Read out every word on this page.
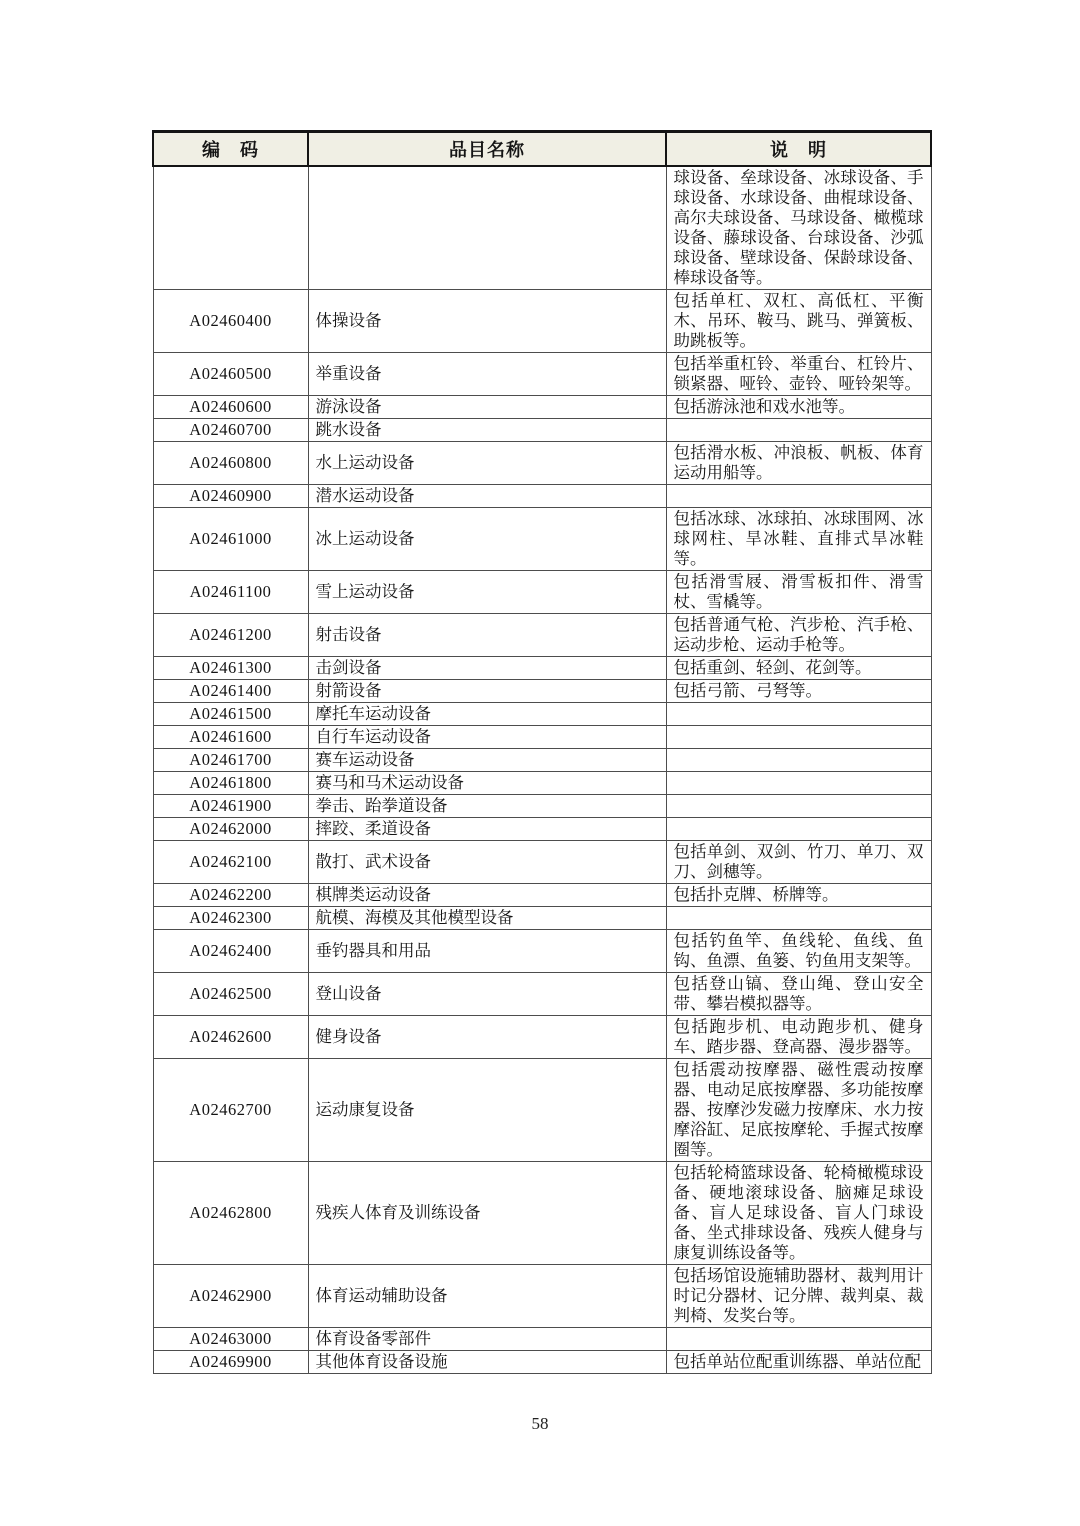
编　码	品目名称	说　明
		球设备、垒球设备、冰球设备、手球设备、水球设备、曲棍球设备、高尔夫球设备、马球设备、橄榄球设备、藤球设备、台球设备、沙弧球设备、壁球设备、保龄球设备、棒球设备等。
A02460400	体操设备	包括单杠、双杠、高低杠、平衡木、吊环、鞍马、跳马、弹簧板、助跳板等。
A02460500	举重设备	包括举重杠铃、举重台、杠铃片、锁紧器、哑铃、壶铃、哑铃架等。
A02460600	游泳设备	包括游泳池和戏水池等。
A02460700	跳水设备	
A02460800	水上运动设备	包括滑水板、冲浪板、帆板、体育运动用船等。
A02460900	潜水运动设备	
A02461000	冰上运动设备	包括冰球、冰球拍、冰球围网、冰球网柱、旱冰鞋、直排式旱冰鞋等。
A02461100	雪上运动设备	包括滑雪屐、滑雪板扣件、滑雪杖、雪橇等。
A02461200	射击设备	包括普通气枪、汽步枪、汽手枪、运动步枪、运动手枪等。
A02461300	击剑设备	包括重剑、轻剑、花剑等。
A02461400	射箭设备	包括弓箭、弓弩等。
A02461500	摩托车运动设备	
A02461600	自行车运动设备	
A02461700	赛车运动设备	
A02461800	赛马和马术运动设备	
A02461900	拳击、跆拳道设备	
A02462000	摔跤、柔道设备	
A02462100	散打、武术设备	包括单剑、双剑、竹刀、单刀、双刀、剑穗等。
A02462200	棋牌类运动设备	包括扑克牌、桥牌等。
A02462300	航模、海模及其他模型设备	
A02462400	垂钓器具和用品	包括钓鱼竿、鱼线轮、鱼线、鱼钩、鱼漂、鱼篓、钓鱼用支架等。
A02462500	登山设备	包括登山镐、登山绳、登山安全带、攀岩模拟器等。
A02462600	健身设备	包括跑步机、电动跑步机、健身车、踏步器、登高器、漫步器等。
A02462700	运动康复设备	包括震动按摩器、磁性震动按摩器、电动足底按摩器、多功能按摩器、按摩沙发磁力按摩床、水力按摩浴缸、足底按摩轮、手握式按摩圈等。
A02462800	残疾人体育及训练设备	包括轮椅篮球设备、轮椅橄榄球设备、硬地滚球设备、脑瘫足球设备、盲人足球设备、盲人门球设备、坐式排球设备、残疾人健身与康复训练设备等。
A02462900	体育运动辅助设备	包括场馆设施辅助器材、裁判用计时记分器材、记分牌、裁判桌、裁判椅、发奖台等。
A02463000	体育设备零部件	
A02469900	其他体育设备设施	包括单站位配重训练器、单站位配
58
